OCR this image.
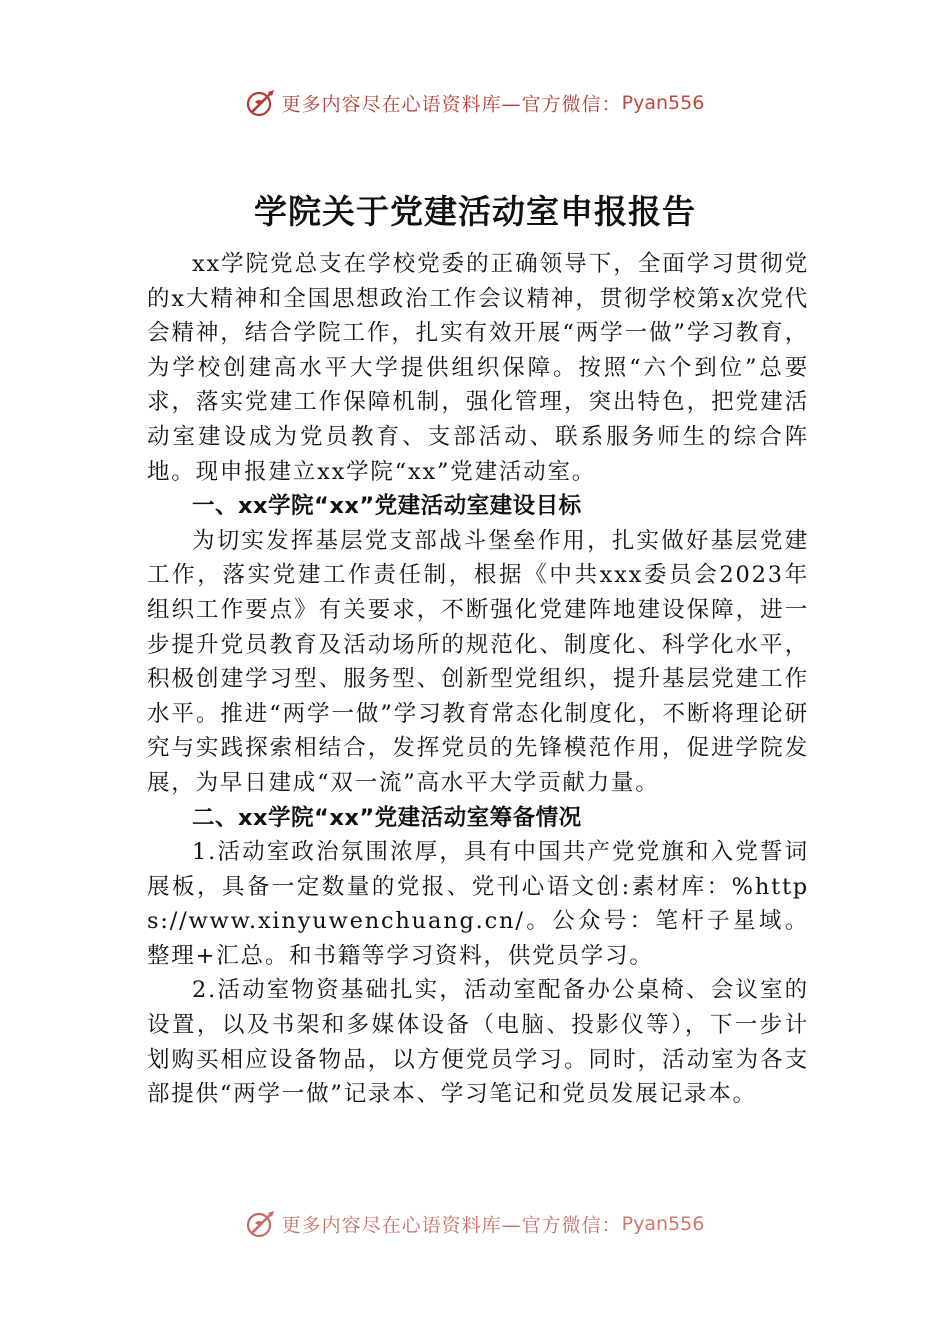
更多内容尽在心语资料库—官方微信：Pyan556
学院关于党建活动室申报报告

xx学院党总支在学校党委的正确领导下，全面学习贯彻党的x大精神和全国思想政治工作会议精神，贯彻学校第x次党代会精神，结合学院工作，扎实有效开展“两学一做”学习教育，为学校创建高水平大学提供组织保障。按照“六个到位”总要求，落实党建工作保障机制，强化管理，突出特色，把党建活动室建设成为党员教育、支部活动、联系服务师生的综合阵地。现申报建立xx学院“xx”党建活动室。

一、xx学院“xx”党建活动室建设目标

为切实发挥基层党支部战斗堡垒作用，扎实做好基层党建工作，落实党建工作责任制，根据《中共xxx委员会2023年组织工作要点》有关要求，不断强化党建阵地建设保障，进一步提升党员教育及活动场所的规范化、制度化、科学化水平，积极创建学习型、服务型、创新型党组织，提升基层党建工作水平。推进“两学一做”学习教育常态化制度化，不断将理论研究与实践探索相结合，发挥党员的先锋模范作用，促进学院发展，为早日建成“双一流”高水平大学贡献力量。

二、xx学院“xx”党建活动室筹备情况

1.活动室政治氛围浓厚，具有中国共产党党旗和入党誓词展板，具备一定数量的党报、党刊心语文创:素材库：%https://www.xinyuwenchuang.cn/。公众号：笔杆子星域。整理+汇总。和书籍等学习资料，供党员学习。

2.活动室物资基础扎实，活动室配备办公桌椅、会议室的设置，以及书架和多媒体设备（电脑、投影仪等），下一步计划购买相应设备物品，以方便党员学习。同时，活动室为各支部提供“两学一做”记录本、学习笔记和党员发展记录本。

更多内容尽在心语资料库—官方微信：Pyan556
